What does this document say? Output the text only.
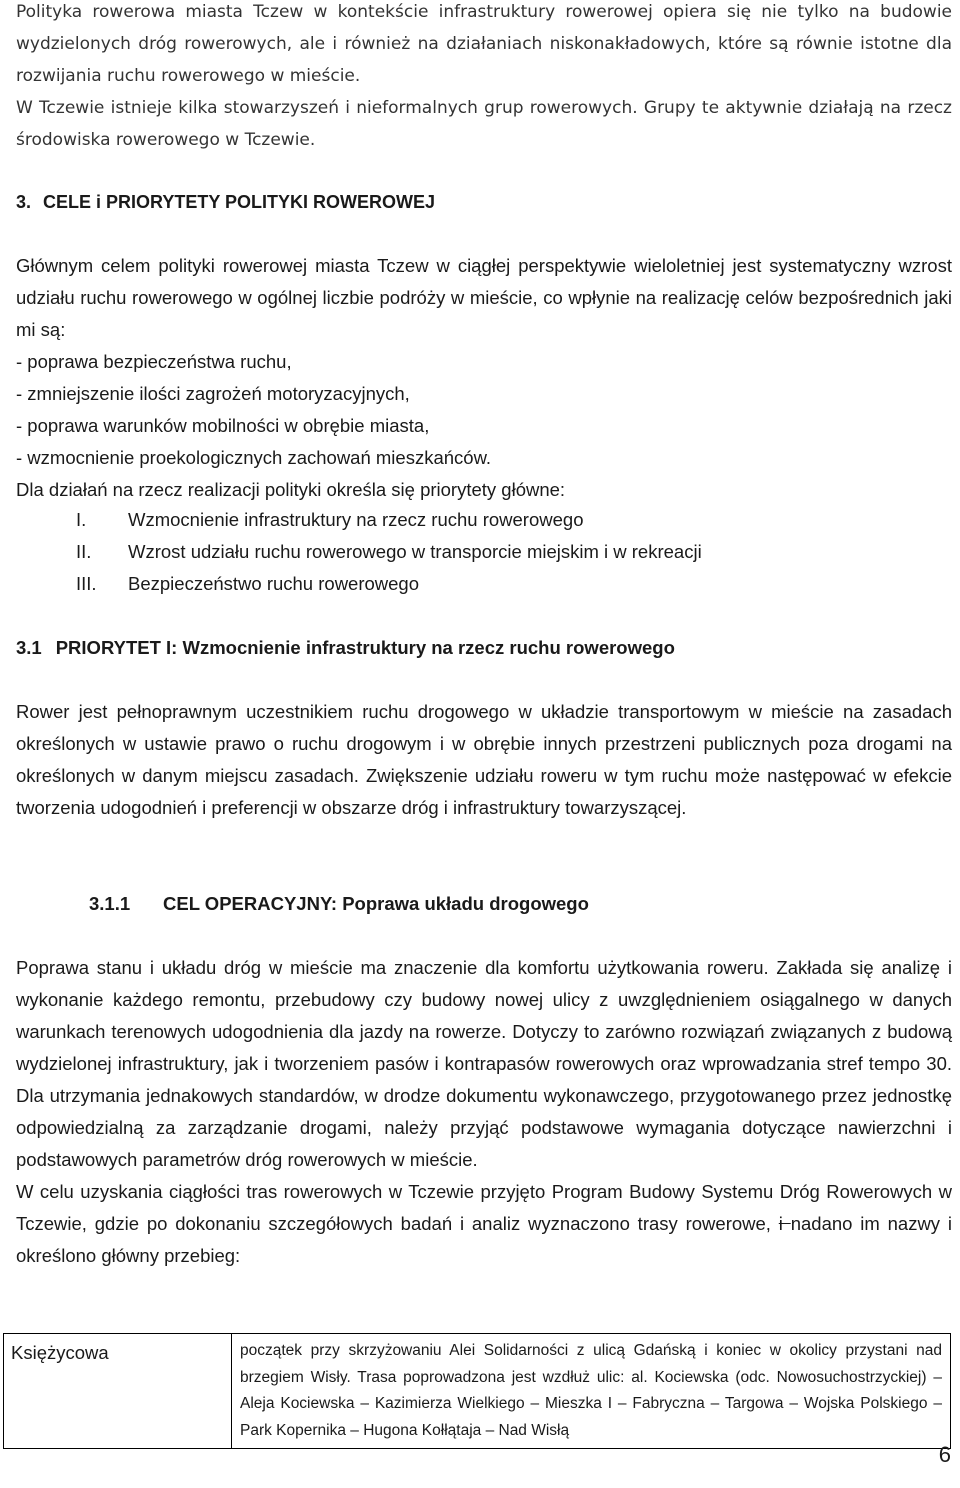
Polityka rowerowa miasta Tczew w kontekście infrastruktury rowerowej opiera się nie tylko na budowie wydzielonych dróg rowerowych, ale i również na działaniach niskonakładowych, które są równie istotne dla rozwijania ruchu rowerowego w mieście.

W Tczewie istnieje kilka stowarzyszeń i nieformalnych grup rowerowych. Grupy te aktywnie działają na rzecz środowiska rowerowego w Tczewie.

3. CELE i PRIORYTETY POLITYKI ROWEROWEJ

Głównym celem polityki rowerowej miasta Tczew w ciągłej perspektywie wieloletniej jest systematyczny wzrost udziału ruchu rowerowego w ogólnej liczbie podróży w mieście, co wpłynie na realizację celów bezpośrednich jaki mi są:

- poprawa bezpieczeństwa ruchu,

- zmniejszenie ilości zagrożeń motoryzacyjnych,

- poprawa warunków mobilności w obrębie miasta,

- wzmocnienie proekologicznych zachowań mieszkańców.

Dla działań na rzecz realizacji polityki określa się priorytety główne:

I.	Wzmocnienie infrastruktury na rzecz ruchu rowerowego
II.	Wzrost udziału ruchu rowerowego w transporcie miejskim i w rekreacji
III.	Bezpieczeństwo ruchu rowerowego
3.1 PRIORYTET I: Wzmocnienie infrastruktury na rzecz ruchu rowerowego

Rower jest pełnoprawnym uczestnikiem ruchu drogowego w układzie transportowym w mieście na zasadach określonych w ustawie prawo o ruchu drogowym i w obrębie innych przestrzeni publicznych poza drogami na określonych w danym miejscu zasadach. Zwiększenie udziału roweru w tym ruchu może następować w efekcie tworzenia udogodnień i preferencji w obszarze dróg i infrastruktury towarzyszącej.

3.1.1 CEL OPERACYJNY: Poprawa układu drogowego

Poprawa stanu i układu dróg w mieście ma znaczenie dla komfortu użytkowania roweru. Zakłada się analizę i wykonanie każdego remontu, przebudowy czy budowy nowej ulicy z uwzględnieniem osiągalnego w danych warunkach terenowych udogodnienia dla jazdy na rowerze. Dotyczy to zarówno rozwiązań związanych z budową wydzielonej infrastruktury, jak i tworzeniem pasów i kontrapasów rowerowych oraz wprowadzania stref tempo 30. Dla utrzymania jednakowych standardów, w drodze dokumentu wykonawczego, przygotowanego przez jednostkę odpowiedzialną za zarządzanie drogami, należy przyjąć podstawowe wymagania dotyczące nawierzchni i podstawowych parametrów dróg rowerowych w mieście.

W celu uzyskania ciągłości tras rowerowych w Tczewie przyjęto Program Budowy Systemu Dróg Rowerowych w Tczewie, gdzie po dokonaniu szczegółowych badań i analiz wyznaczono trasy rowerowe, i nadano im nazwy i określono główny przebieg:

Księżycowa	początek przy skrzyżowaniu Alei Solidarności z ulicą Gdańską i koniec w okolicy przystani nad brzegiem Wisły. Trasa poprowadzona jest wzdłuż ulic: al. Kociewska (odc. Nowosuchostrzyckiej) – Aleja Kociewska – Kazimierza Wielkiego – Mieszka I – Fabryczna – Targowa – Wojska Polskiego – Park Kopernika – Hugona Kołłątaja – Nad Wisłą
6
